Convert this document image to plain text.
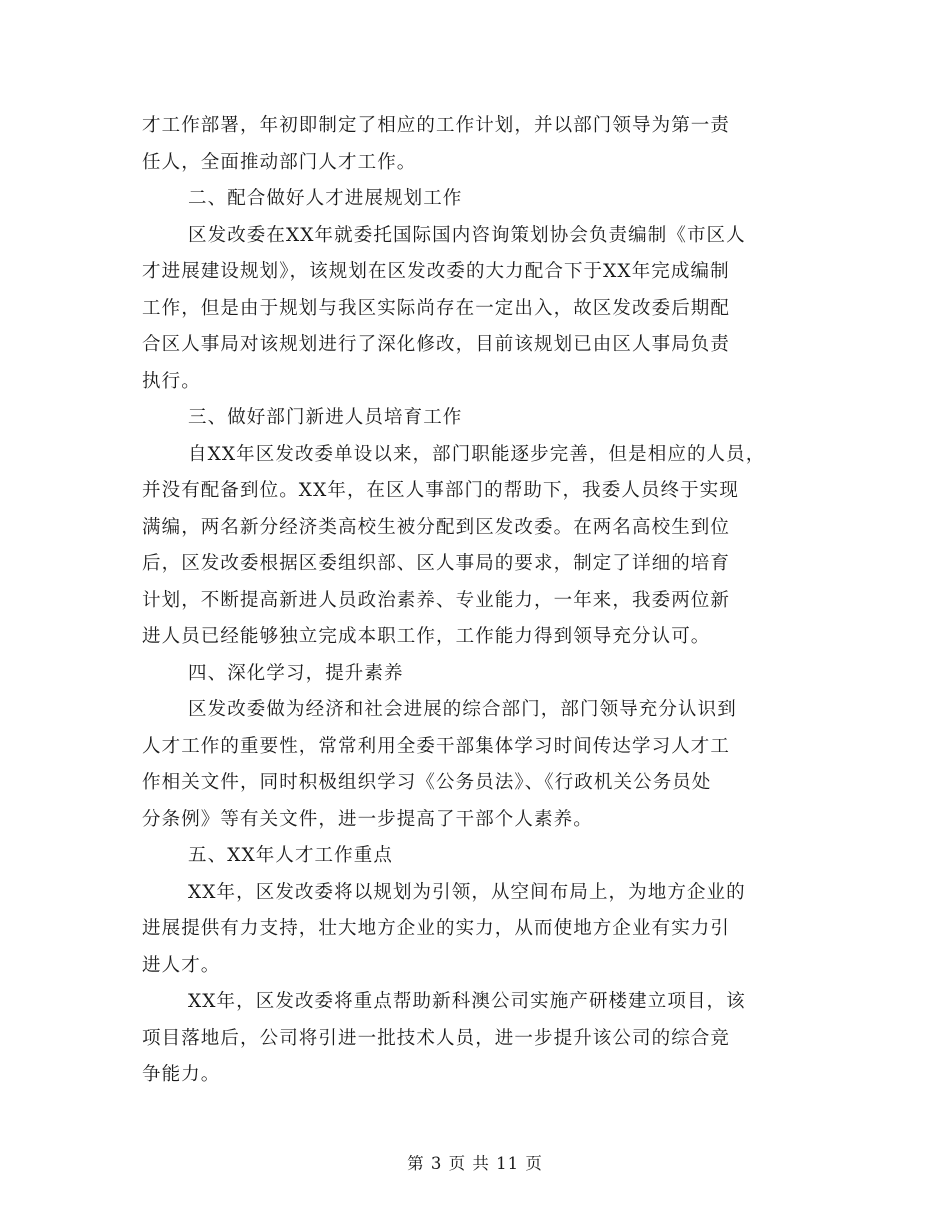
才工作部署，年初即制定了相应的工作计划，并以部门领导为第一责
任人，全面推动部门人才工作。
二、配合做好人才进展规划工作
区发改委在XX年就委托国际国内咨询策划协会负责编制《市区人
才进展建设规划》，该规划在区发改委的大力配合下于XX年完成编制
工作，但是由于规划与我区实际尚存在一定出入，故区发改委后期配
合区人事局对该规划进行了深化修改，目前该规划已由区人事局负责
执行。
三、做好部门新进人员培育工作
自XX年区发改委单设以来，部门职能逐步完善，但是相应的人员，
并没有配备到位。XX年，在区人事部门的帮助下，我委人员终于实现
满编，两名新分经济类高校生被分配到区发改委。在两名高校生到位
后，区发改委根据区委组织部、区人事局的要求，制定了详细的培育
计划，不断提高新进人员政治素养、专业能力，一年来，我委两位新
进人员已经能够独立完成本职工作，工作能力得到领导充分认可。
四、深化学习，提升素养
区发改委做为经济和社会进展的综合部门，部门领导充分认识到
人才工作的重要性，常常利用全委干部集体学习时间传达学习人才工
作相关文件，同时积极组织学习《公务员法》、《行政机关公务员处
分条例》等有关文件，进一步提高了干部个人素养。
五、XX年人才工作重点
XX年，区发改委将以规划为引领，从空间布局上，为地方企业的
进展提供有力支持，壮大地方企业的实力，从而使地方企业有实力引
进人才。
XX年，区发改委将重点帮助新科澳公司实施产研楼建立项目，该
项目落地后，公司将引进一批技术人员，进一步提升该公司的综合竞
争能力。
第 3 页 共 11 页
